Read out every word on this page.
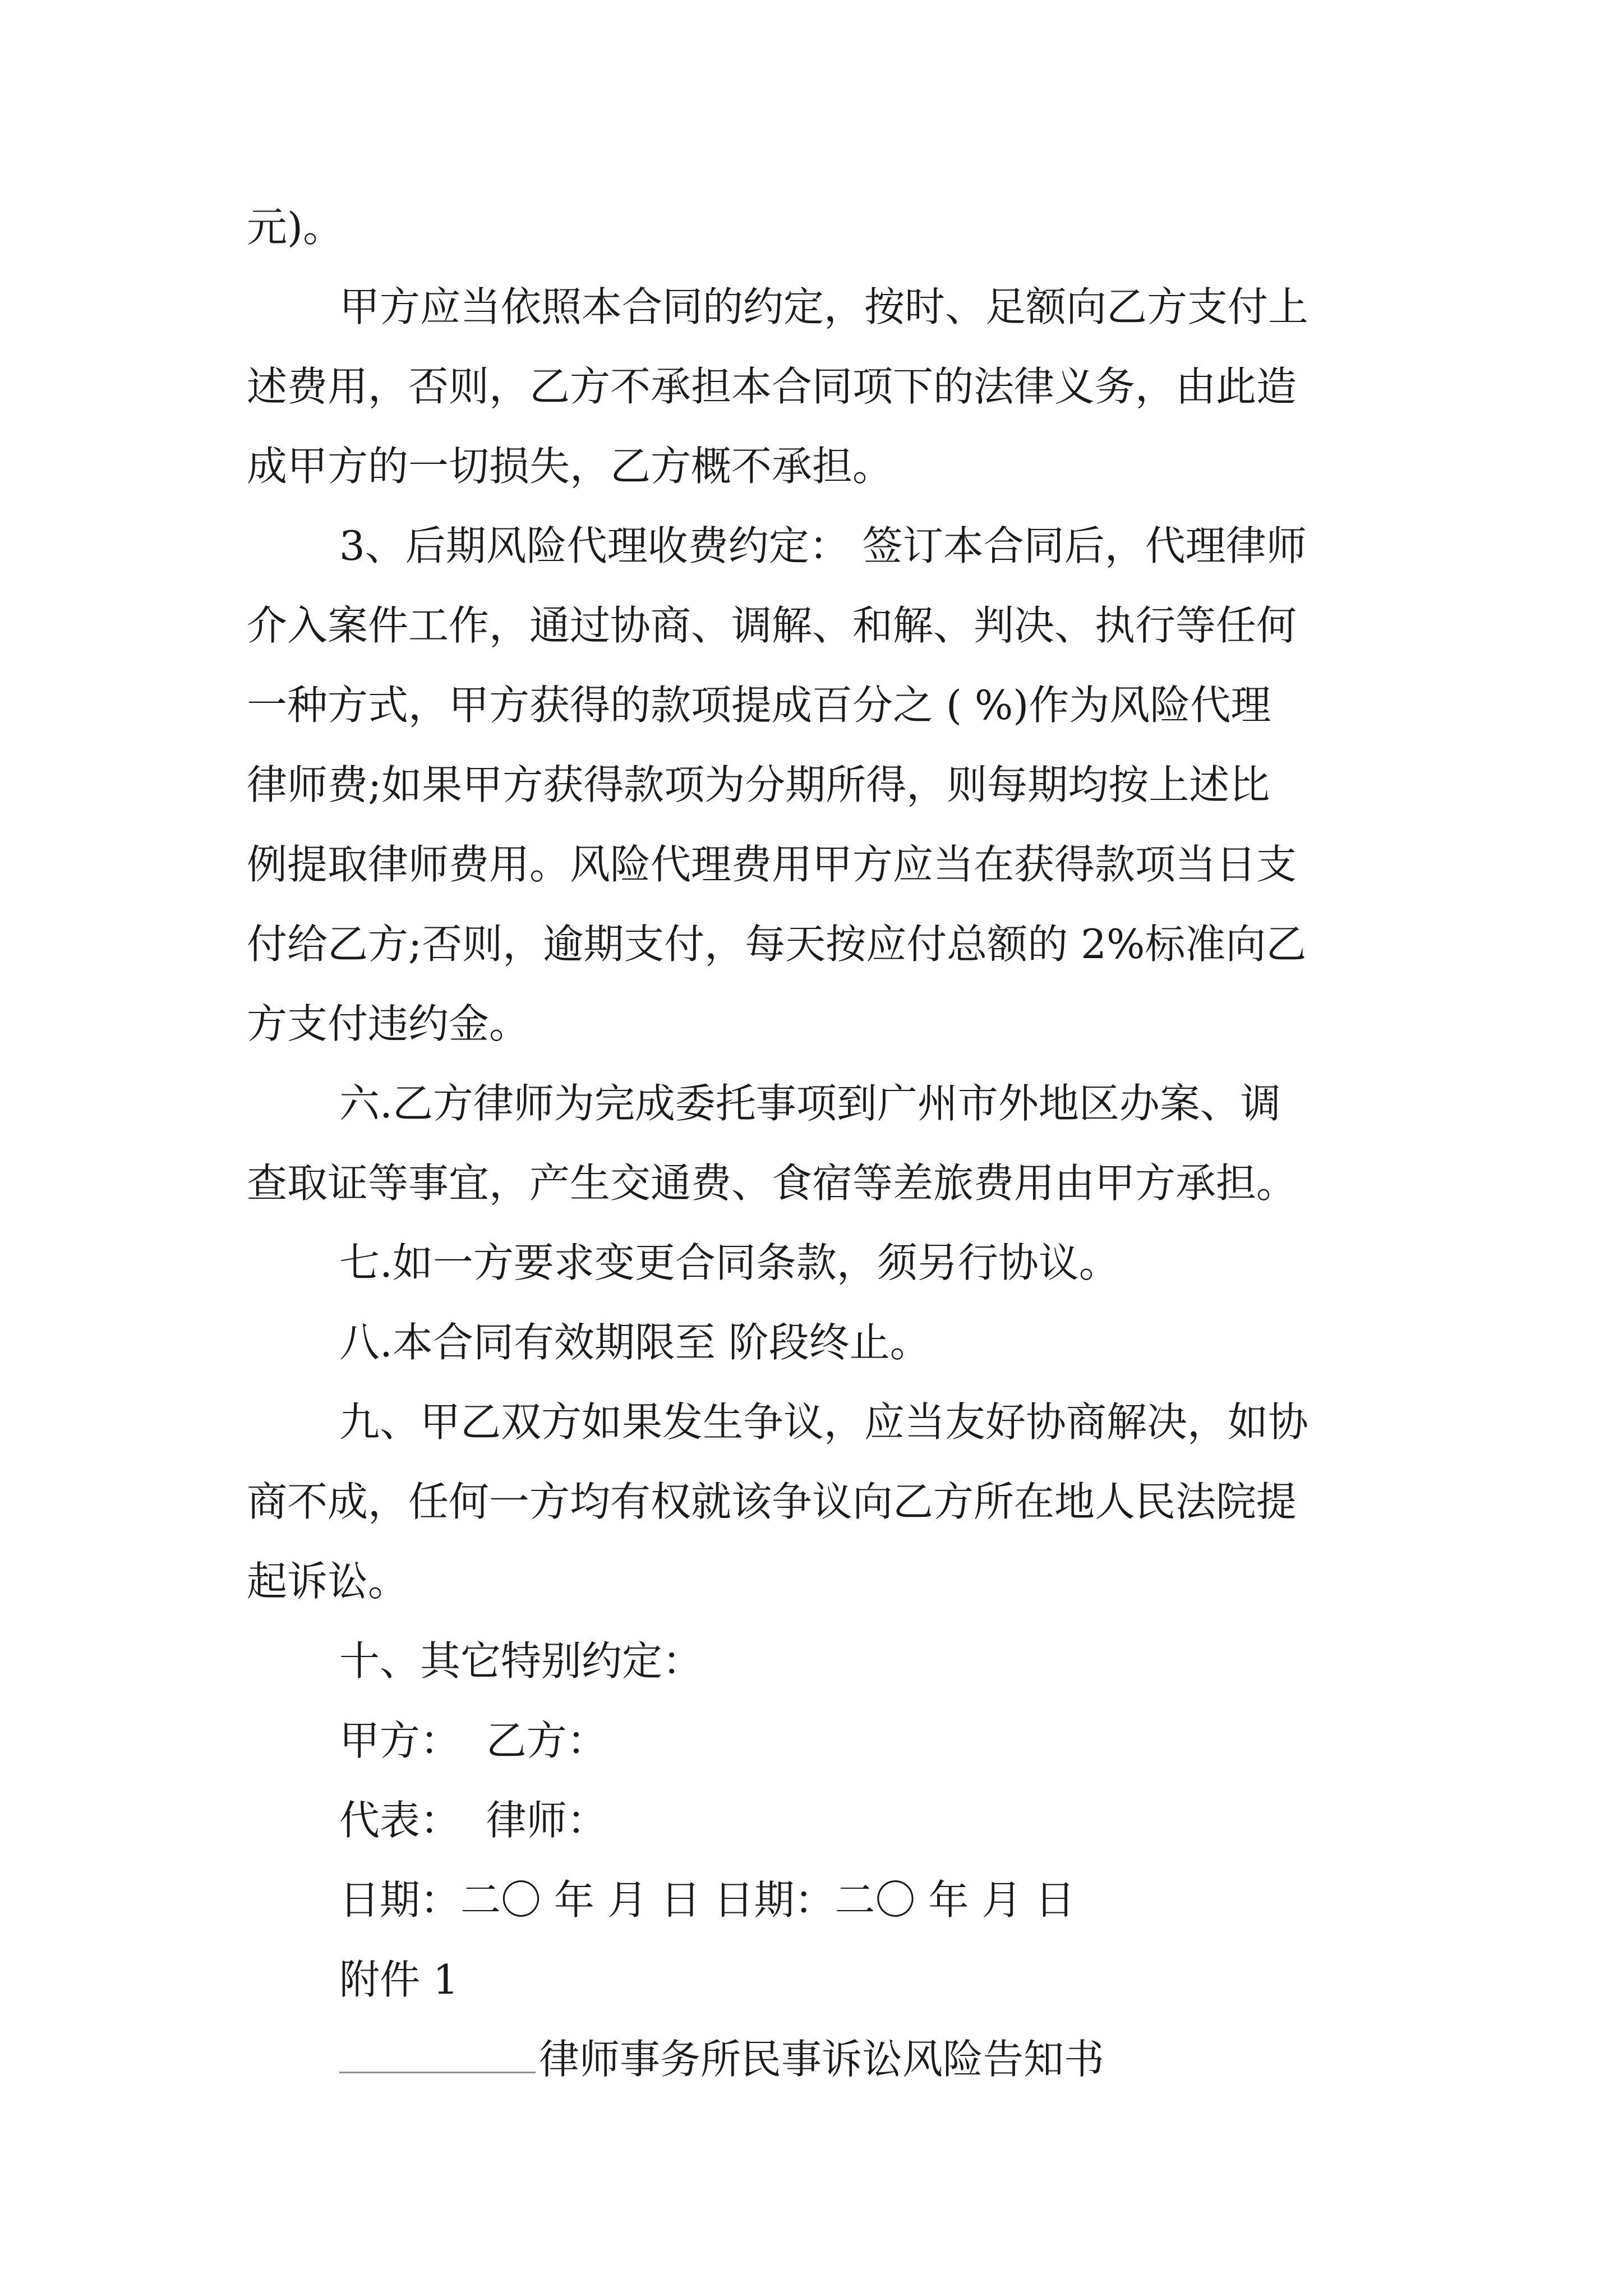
元)。

甲方应当依照本合同的约定，按时、足额向乙方支付上

述费用，否则，乙方不承担本合同项下的法律义务，由此造

成甲方的一切损失，乙方概不承担。

3、后期风险代理收费约定： 签订本合同后，代理律师

介入案件工作，通过协商、调解、和解、判决、执行等任何

一种方式，甲方获得的款项提成百分之 ( %)作为风险代理

律师费;如果甲方获得款项为分期所得，则每期均按上述比

例提取律师费用。风险代理费用甲方应当在获得款项当日支

付给乙方;否则，逾期支付，每天按应付总额的 2%标准向乙

方支付违约金。

六.乙方律师为完成委托事项到广州市外地区办案、调

查取证等事宜，产生交通费、食宿等差旅费用由甲方承担。

七.如一方要求变更合同条款，须另行协议。

八.本合同有效期限至 阶段终止。

九、甲乙双方如果发生争议，应当友好协商解决，如协

商不成，任何一方均有权就该争议向乙方所在地人民法院提

起诉讼。

十、其它特别约定：

甲方：  乙方：

代表：  律师：

日期：二〇 年 月 日 日期：二〇 年 月 日

附件 1

律师事务所民事诉讼风险告知书
